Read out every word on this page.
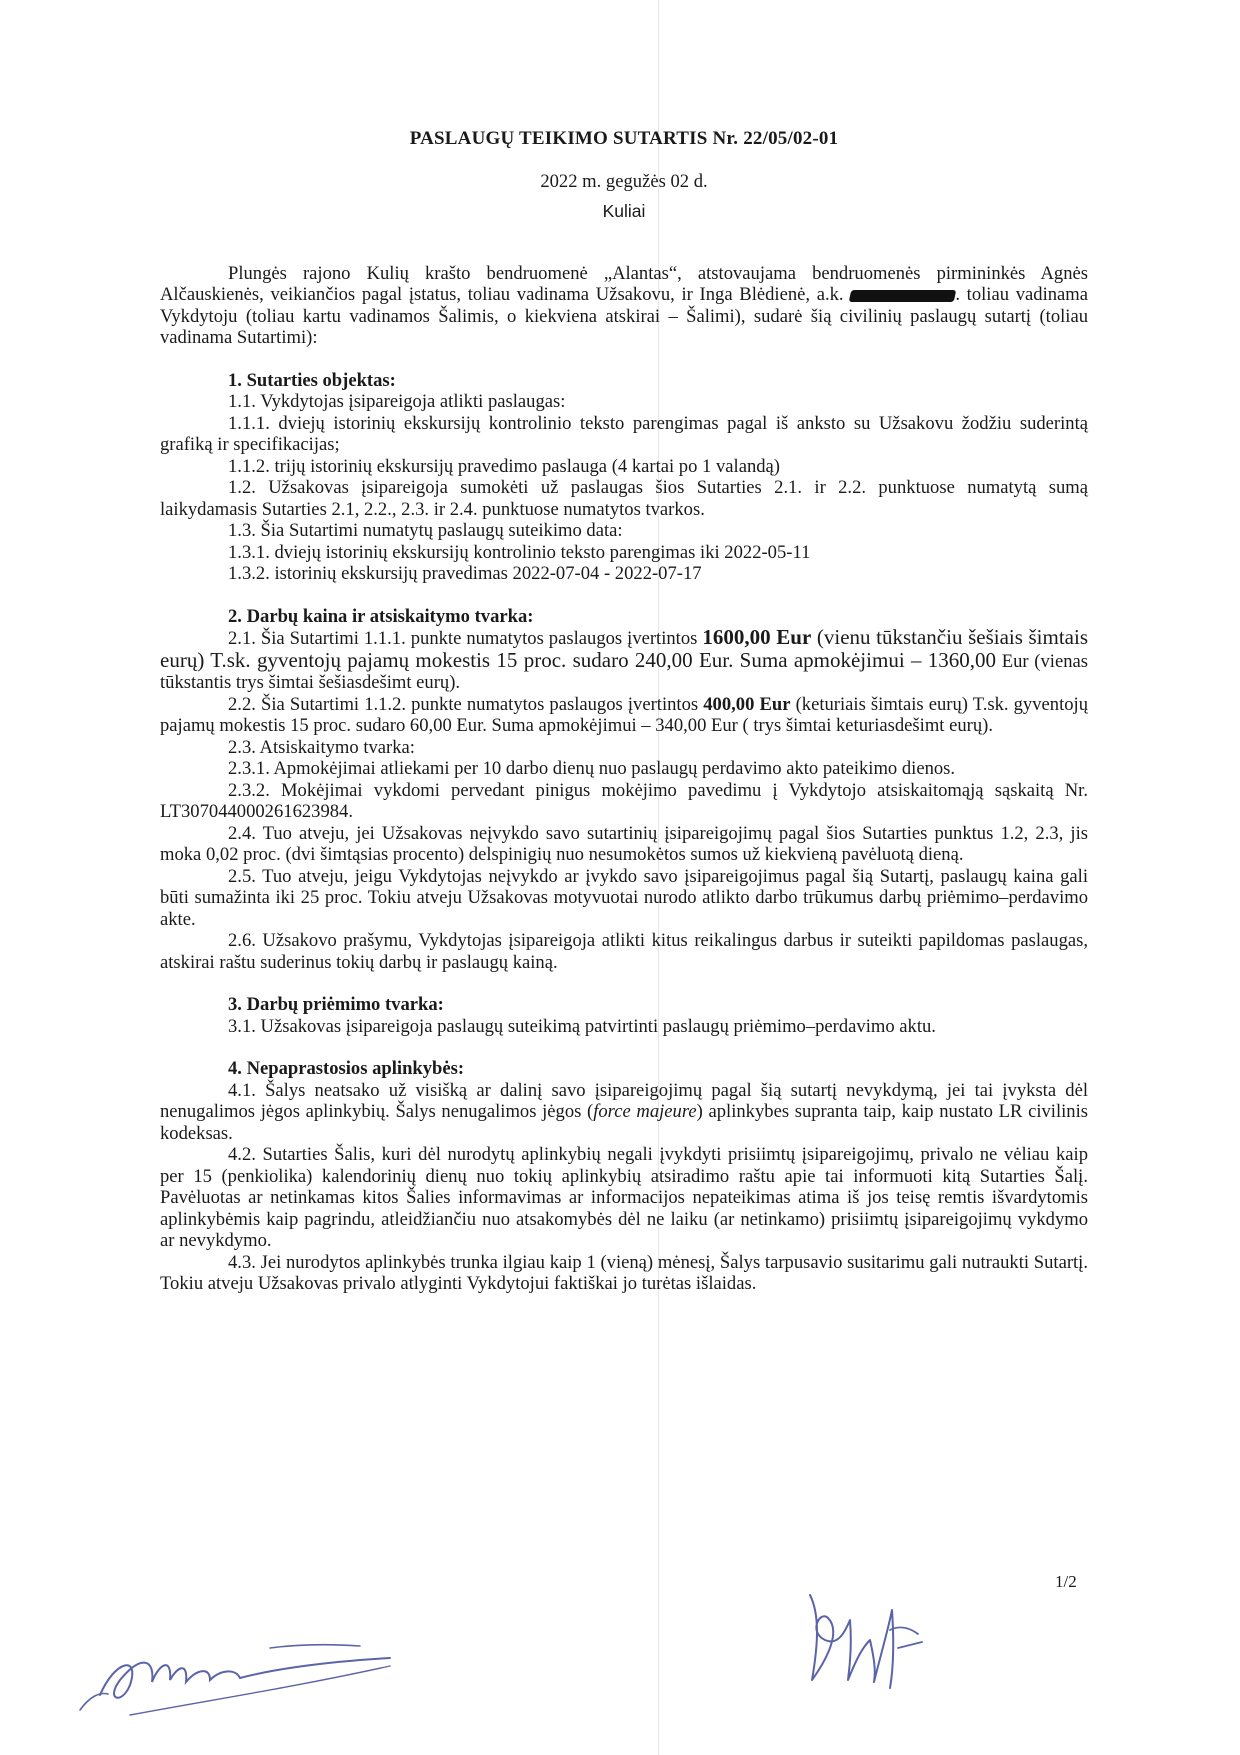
PASLAUGŲ TEIKIMO SUTARTIS Nr. 22/05/02-01

2022 m. gegužės 02 d.

Kuliai

Plungės rajono Kulių krašto bendruomenė „Alantas“, atstovaujama bendruomenės pirmininkės Agnės Alčauskienės, veikiančios pagal įstatus, toliau vadinama Užsakovu, ir Inga Blėdienė, a.k.	. toliau vadinama Vykdytoju (toliau kartu vadinamos Šalimis, o kiekviena atskirai – Šalimi), sudarė šią civilinių paslaugų sutartį (toliau vadinama Sutartimi):

1. Sutarties objektas:

1.1. Vykdytojas įsipareigoja atlikti paslaugas:

1.1.1. dviejų istorinių ekskursijų kontrolinio teksto parengimas pagal iš anksto su Užsakovu žodžiu suderintą grafiką ir specifikacijas;

1.1.2. trijų istorinių ekskursijų pravedimo paslauga (4 kartai po 1 valandą)

1.2. Užsakovas įsipareigoja sumokėti už paslaugas šios Sutarties 2.1. ir 2.2. punktuose numatytą sumą laikydamasis Sutarties 2.1, 2.2., 2.3. ir 2.4. punktuose numatytos tvarkos.

1.3. Šia Sutartimi numatytų paslaugų suteikimo data:

1.3.1. dviejų istorinių ekskursijų kontrolinio teksto parengimas iki 2022-05-11

1.3.2. istorinių ekskursijų pravedimas 2022-07-04 - 2022-07-17

2. Darbų kaina ir atsiskaitymo tvarka:

2.1. Šia Sutartimi 1.1.1. punkte numatytos paslaugos įvertintos 1600,00 Eur (vienu tūkstančiu šešiais šimtais eurų) T.sk. gyventojų pajamų mokestis 15 proc. sudaro 240,00 Eur. Suma apmokėjimui – 1360,00 Eur (vienas tūkstantis trys šimtai šešiasdešimt eurų).

2.2. Šia Sutartimi 1.1.2. punkte numatytos paslaugos įvertintos 400,00 Eur (keturiais šimtais eurų) T.sk. gyventojų pajamų mokestis 15 proc. sudaro 60,00 Eur. Suma apmokėjimui – 340,00 Eur ( trys šimtai keturiasdešimt eurų).

2.3. Atsiskaitymo tvarka:

2.3.1. Apmokėjimai atliekami per 10 darbo dienų nuo paslaugų perdavimo akto pateikimo dienos.

2.3.2. Mokėjimai vykdomi pervedant pinigus mokėjimo pavedimu į Vykdytojo atsiskaitomąją sąskaitą Nr. LT307044000261623984.

2.4. Tuo atveju, jei Užsakovas neįvykdo savo sutartinių įsipareigojimų pagal šios Sutarties punktus 1.2, 2.3, jis moka 0,02 proc. (dvi šimtąsias procento) delspinigių nuo nesumokėtos sumos už kiekvieną pavėluotą dieną.

2.5. Tuo atveju, jeigu Vykdytojas neįvykdo ar įvykdo savo įsipareigojimus pagal šią Sutartį, paslaugų kaina gali būti sumažinta iki 25 proc. Tokiu atveju Užsakovas motyvuotai nurodo atlikto darbo trūkumus darbų priėmimo–perdavimo akte.

2.6. Užsakovo prašymu, Vykdytojas įsipareigoja atlikti kitus reikalingus darbus ir suteikti papildomas paslaugas, atskirai raštu suderinus tokių darbų ir paslaugų kainą.

3. Darbų priėmimo tvarka:

3.1. Užsakovas įsipareigoja paslaugų suteikimą patvirtinti paslaugų priėmimo–perdavimo aktu.

4. Nepaprastosios aplinkybės:

4.1. Šalys neatsako už visišką ar dalinį savo įsipareigojimų pagal šią sutartį nevykdymą, jei tai įvyksta dėl nenugalimos jėgos aplinkybių. Šalys nenugalimos jėgos (force majeure) aplinkybes supranta taip, kaip nustato LR civilinis kodeksas.

4.2. Sutarties Šalis, kuri dėl nurodytų aplinkybių negali įvykdyti prisiimtų įsipareigojimų, privalo ne vėliau kaip per 15 (penkiolika) kalendorinių dienų nuo tokių aplinkybių atsiradimo raštu apie tai informuoti kitą Sutarties Šalį. Pavėluotas ar netinkamas kitos Šalies informavimas ar informacijos nepateikimas atima iš jos teisę remtis išvardytomis aplinkybėmis kaip pagrindu, atleidžiančiu nuo atsakomybės dėl ne laiku (ar netinkamo) prisiimtų įsipareigojimų vykdymo ar nevykdymo.

4.3. Jei nurodytos aplinkybės trunka ilgiau kaip 1 (vieną) mėnesį, Šalys tarpusavio susitarimu gali nutraukti Sutartį. Tokiu atveju Užsakovas privalo atlyginti Vykdytojui faktiškai jo turėtas išlaidas.

1/2
